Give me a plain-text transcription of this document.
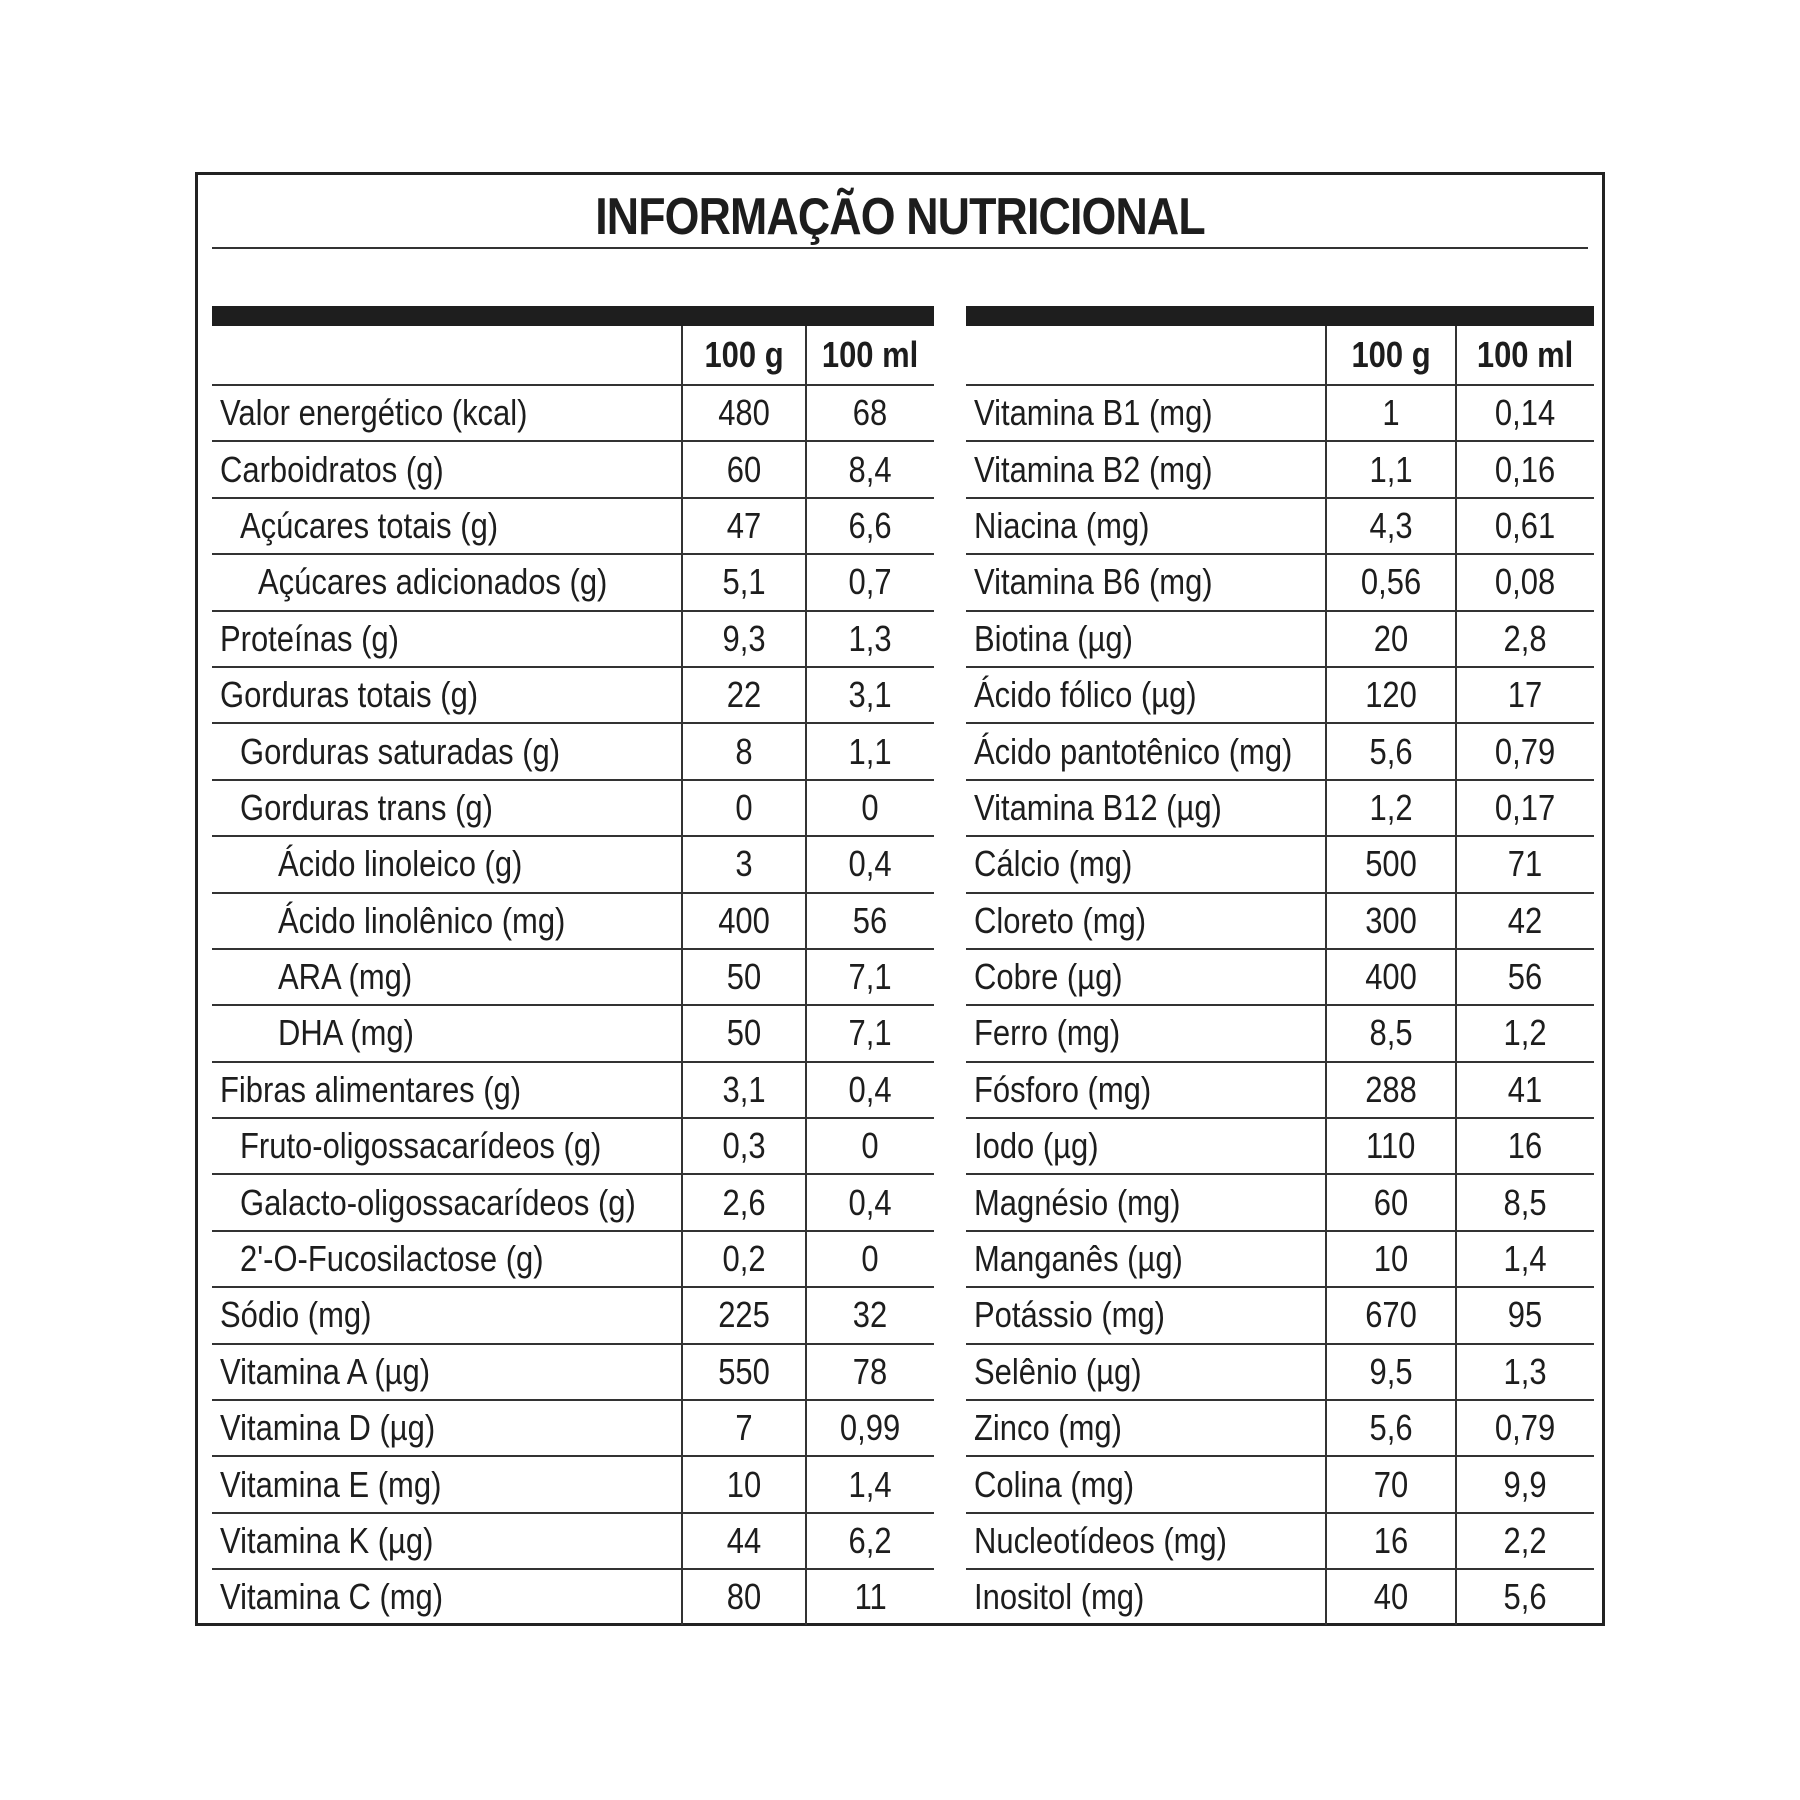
INFORMAÇÃO NUTRICIONAL

	100 g	100 ml
Valor energético (kcal)	480	68
Carboidratos (g)	60	8,4
Açúcares totais (g)	47	6,6
Açúcares adicionados (g)	5,1	0,7
Proteínas (g)	9,3	1,3
Gorduras totais (g)	22	3,1
Gorduras saturadas (g)	8	1,1
Gorduras trans (g)	0	0
Ácido linoleico (g)	3	0,4
Ácido linolênico (mg)	400	56
ARA (mg)	50	7,1
DHA (mg)	50	7,1
Fibras alimentares (g)	3,1	0,4
Fruto-oligossacarídeos (g)	0,3	0
Galacto-oligossacarídeos (g)	2,6	0,4
2'-O-Fucosilactose (g)	0,2	0
Sódio (mg)	225	32
Vitamina A (µg)	550	78
Vitamina D (µg)	7	0,99
Vitamina E (mg)	10	1,4
Vitamina K (µg)	44	6,2
Vitamina C (mg)	80	11

	100 g	100 ml
Vitamina B1 (mg)	1	0,14
Vitamina B2 (mg)	1,1	0,16
Niacina (mg)	4,3	0,61
Vitamina B6 (mg)	0,56	0,08
Biotina (µg)	20	2,8
Ácido fólico (µg)	120	17
Ácido pantotênico (mg)	5,6	0,79
Vitamina B12 (µg)	1,2	0,17
Cálcio (mg)	500	71
Cloreto (mg)	300	42
Cobre (µg)	400	56
Ferro (mg)	8,5	1,2
Fósforo (mg)	288	41
Iodo (µg)	110	16
Magnésio (mg)	60	8,5
Manganês (µg)	10	1,4
Potássio (mg)	670	95
Selênio (µg)	9,5	1,3
Zinco (mg)	5,6	0,79
Colina (mg)	70	9,9
Nucleotídeos (mg)	16	2,2
Inositol (mg)	40	5,6
